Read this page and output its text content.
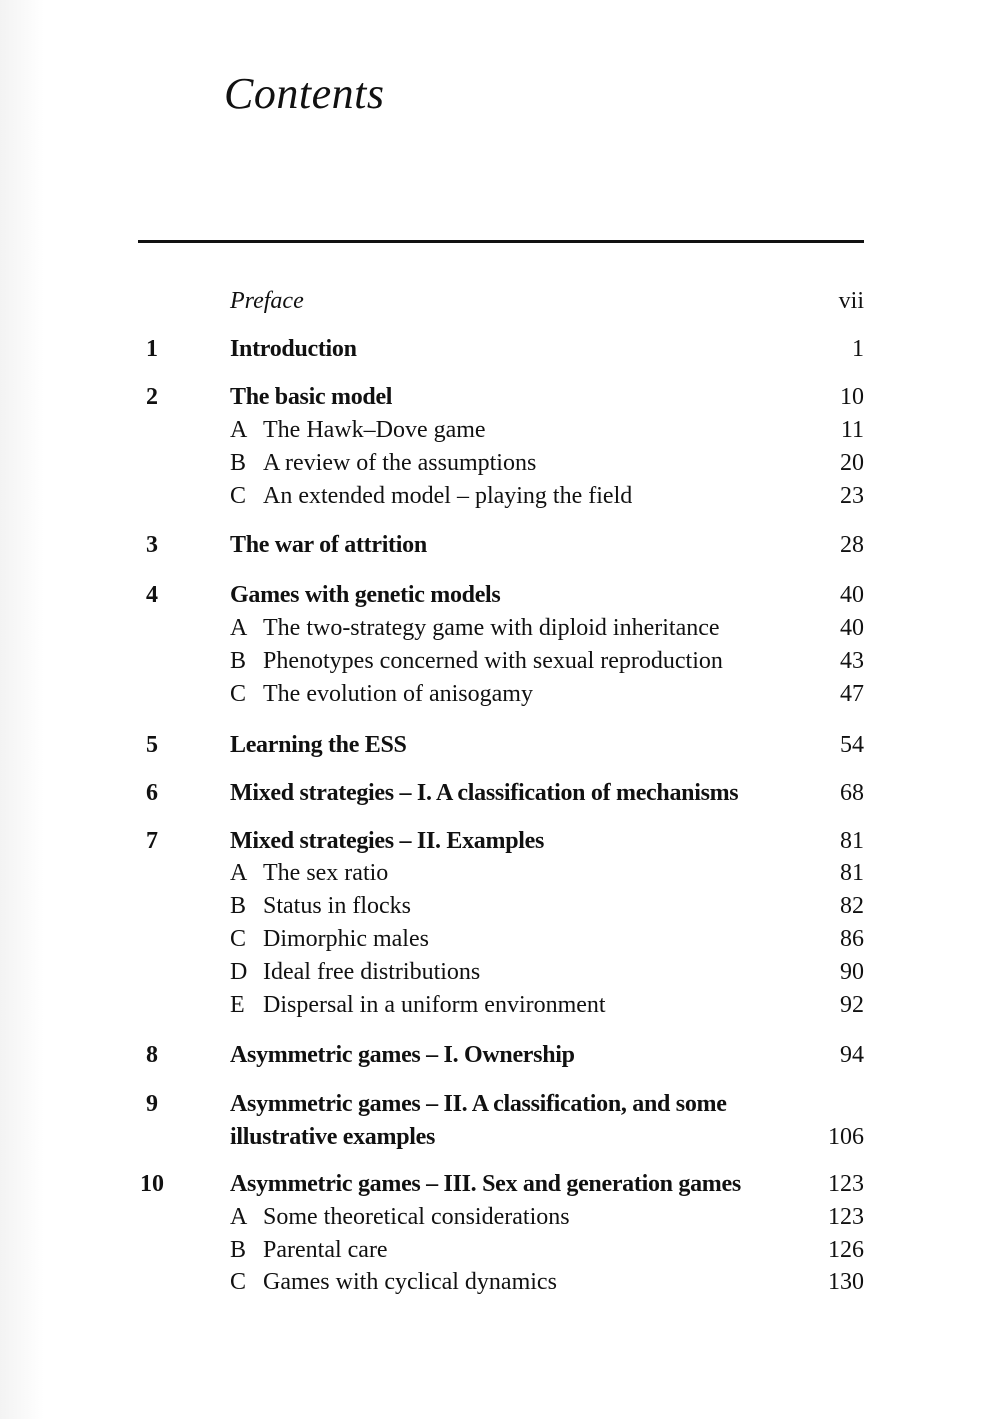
Contents
Preface	vii
1	Introduction	1
2	The basic model	10
A The Hawk–Dove game	11
B A review of the assumptions	20
C An extended model – playing the field	23
3	The war of attrition	28
4	Games with genetic models	40
A The two-strategy game with diploid inheritance	40
B Phenotypes concerned with sexual reproduction	43
C The evolution of anisogamy	47
5	Learning the ESS	54
6	Mixed strategies – I. A classification of mechanisms	68
7	Mixed strategies – II. Examples	81
A The sex ratio	81
B Status in flocks	82
C Dimorphic males	86
D Ideal free distributions	90
E Dispersal in a uniform environment	92
8	Asymmetric games – I. Ownership	94
9	Asymmetric games – II. A classification, and some
illustrative examples	106
10	Asymmetric games – III. Sex and generation games	123
A Some theoretical considerations	123
B Parental care	126
C Games with cyclical dynamics	130
